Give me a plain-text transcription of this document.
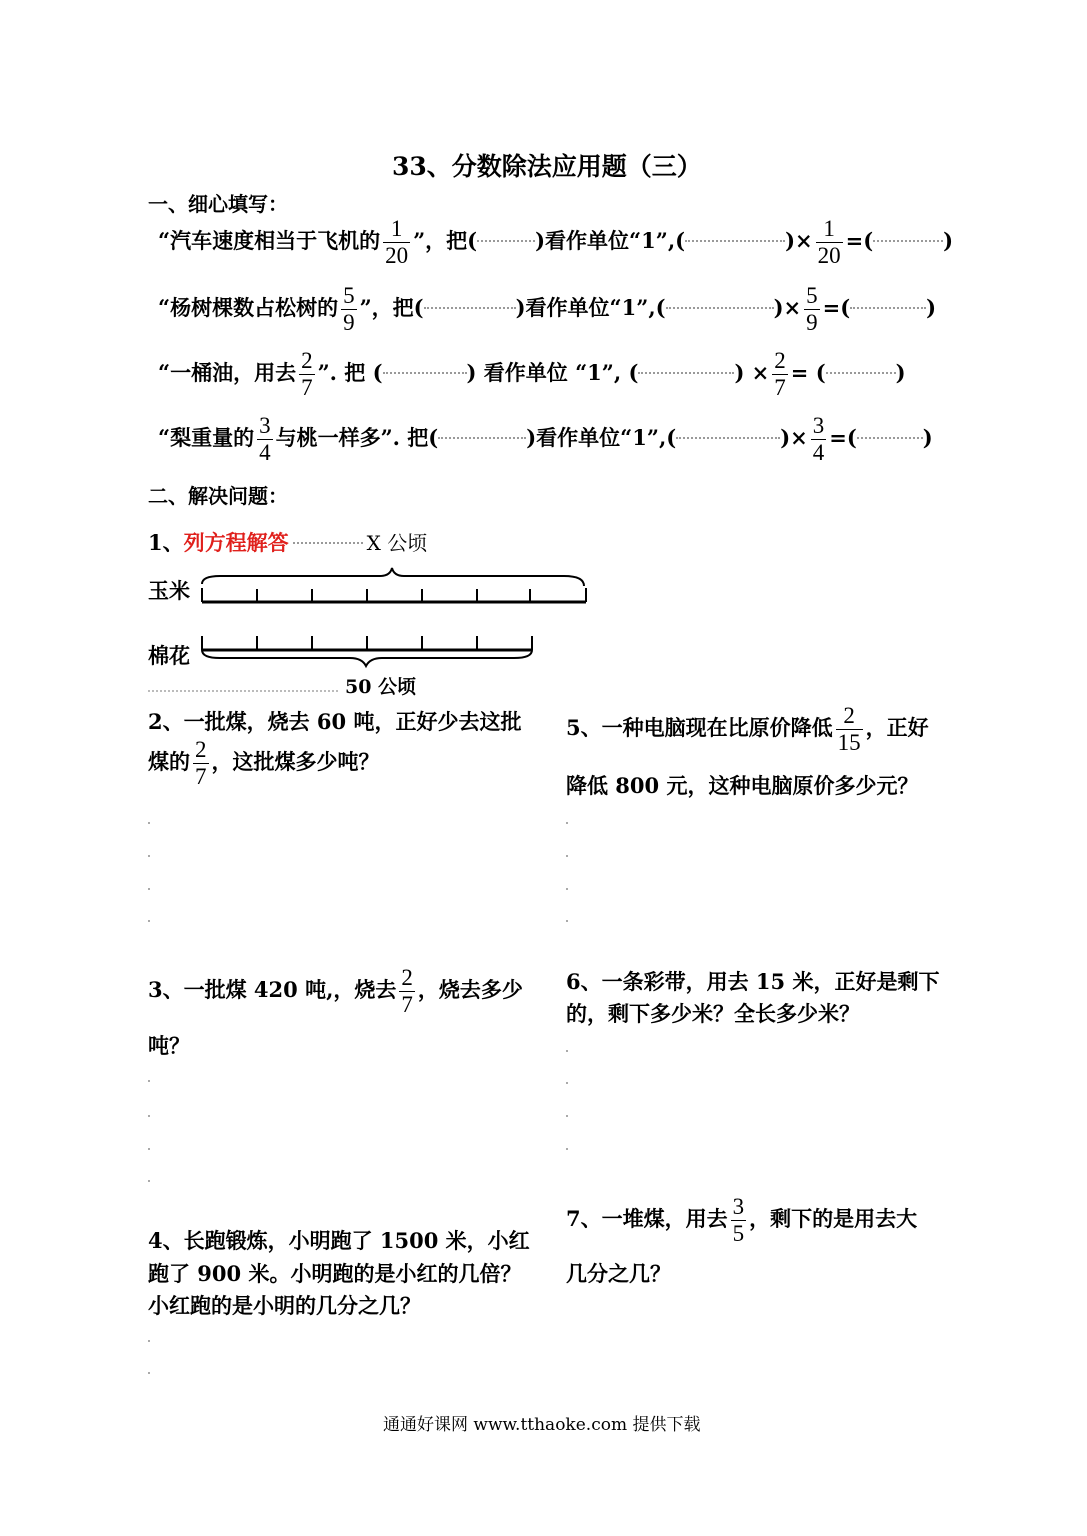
33、分数除法应用题（三）
一、细心填写：
“汽车速度相当于飞机的 $\frac{1}{20}$ ”，把(	)看作单位“1”,(	)× $\frac{1}{20}$ =(	)
“杨树棵数占松树的 $\frac{5}{9}$ ”，把(	)看作单位“1”,(	)× $\frac{5}{9}$ =(	)
“一桶油，用去 $\frac{2}{7}$ ”. 把 (	) 看作单位 “1”, (	) × $\frac{2}{7}$ = (	)
“梨重量的 $\frac{3}{4}$ 与桃一样多”. 把(	)看作单位“1”,(	)× $\frac{3}{4}$ =(	)
二、解决问题：
1、列方程解答	X 公顷
玉米
棉花
50 公顷
2、一批煤，烧去 60 吨，正好少去这批
煤的 $\frac{2}{7}$ ，这批煤多少吨？
5、一种电脑现在比原价降低 $\frac{2}{15}$ ，正好
降低 800 元，这种电脑原价多少元？
3、一批煤 420 吨,，烧去 $\frac{2}{7}$ ，烧去多少
吨？
6、一条彩带，用去 15 米，正好是剩下
的，剩下多少米？全长多少米？
4、长跑锻炼，小明跑了 1500 米，小红
跑了 900 米。小明跑的是小红的几倍？
小红跑的是小明的几分之几？
7、一堆煤，用去 $\frac{3}{5}$ ，剩下的是用去大
几分之几？
通通好课网 www.tthaoke.com 提供下载
